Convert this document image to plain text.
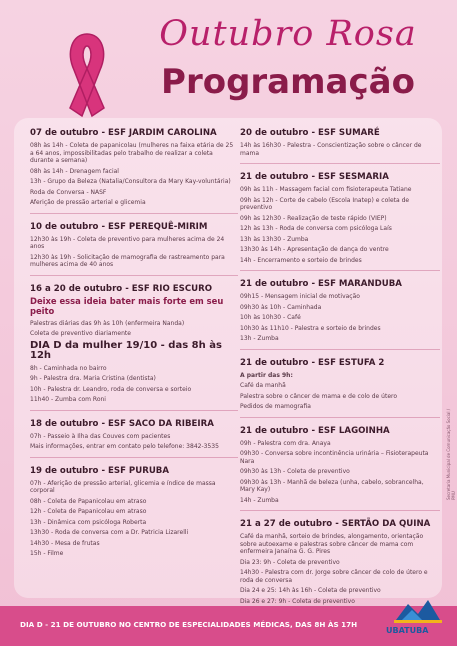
Outubro Rosa
Programação
07 de outubro - ESF JARDIM CAROLINA
08h às 14h - Coleta de papanicolau (mulheres na faixa etária de 25 a 64 anos, impossibilitadas pelo trabalho de realizar a coleta durante a semana)
08h às 14h - Drenagem facial
13h - Grupo da Beleza (Natalia/Consultora da Mary Kay-voluntária)
Roda de Conversa - NASF
Aferição de pressão arterial e glicemia
10 de outubro - ESF PEREQUÊ-MIRIM
12h30 às 19h - Coleta de preventivo para mulheres acima de 24 anos
12h30 às 19h - Solicitação de mamografia de rastreamento para mulheres acima de 40 anos
16 a 20 de outubro - ESF RIO ESCURO
Deixe essa ideia bater mais forte em seu peito
Palestras diárias das 9h às 10h (enfermeira Nanda)
Coleta de preventivo diariamente
DIA D da mulher 19/10 - das 8h às 12h
8h - Caminhada no bairro
9h - Palestra dra. Maria Cristina (dentista)
10h - Palestra dr. Leandro, roda de conversa e sorteio
11h40 - Zumba com Roni
18 de outubro - ESF SACO DA RIBEIRA
07h - Passeio à Ilha das Couves com pacientes
Mais informações, entrar em contato pelo telefone: 3842-3535
19 de outubro - ESF PURUBA
07h - Aferição de pressão arterial, glicemia e índice de massa corporal
08h - Coleta de Papanicolau em atraso
12h - Coleta de Papanicolau em atraso
13h - Dinâmica com psicóloga Roberta
13h30 - Roda de conversa com a Dr. Patricia Lizarelli
14h30 - Mesa de frutas
15h - Filme
20 de outubro - ESF SUMARÉ
14h às 16h30 - Palestra - Conscientização sobre o câncer de mama
21 de outubro - ESF SESMARIA
09h às 11h - Massagem facial com fisioterapeuta Tatiane
09h às 12h - Corte de cabelo (Escola Inatep) e coleta de preventivo
09h às 12h30 - Realização de teste rápido (VIEP)
12h às 13h - Roda de conversa com psicóloga Laís
13h às 13h30 - Zumba
13h30 às 14h - Apresentação de dança do ventre
14h - Encerramento e sorteio de brindes
21 de outubro - ESF MARANDUBA
09h15 - Mensagem inicial de motivação
09h30 às 10h - Caminhada
10h às 10h30 - Café
10h30 às 11h10 - Palestra e sorteio de brindes
13h - Zumba
21 de outubro - ESF ESTUFA 2
A partir das 9h:
Café da manhã
Palestra sobre o câncer de mama e de colo de útero
Pedidos de mamografia
21 de outubro - ESF LAGOINHA
09h - Palestra com dra. Anaya
09h30 - Conversa sobre incontinência urinária – Fisioterapeuta Nara
09h30 às 13h - Coleta de preventivo
09h30 às 13h - Manhã de beleza (unha, cabelo, sobrancelha, Mary Kay)
14h - Zumba
21 a 27 de outubro - SERTÃO DA QUINA
Café da manhã, sorteio de brindes, alongamento, orientação sobre autoexame e palestras sobre câncer de mama com enfermeira Janaína G. G. Pires
Dia 23: 9h - Coleta de preventivo
14h30 - Palestra com dr. Jorge sobre câncer de colo de útero e roda de conversa
Dia 24 e 25: 14h às 16h - Coleta de preventivo
Dia 26 e 27: 9h - Coleta de preventivo
Secretaria Municipal de Comunicação Social / PMU
DIA D - 21 DE OUTUBRO NO CENTRO DE ESPECIALIDADES MÉDICAS, DAS 8H ÀS 17H
UBATUBA
